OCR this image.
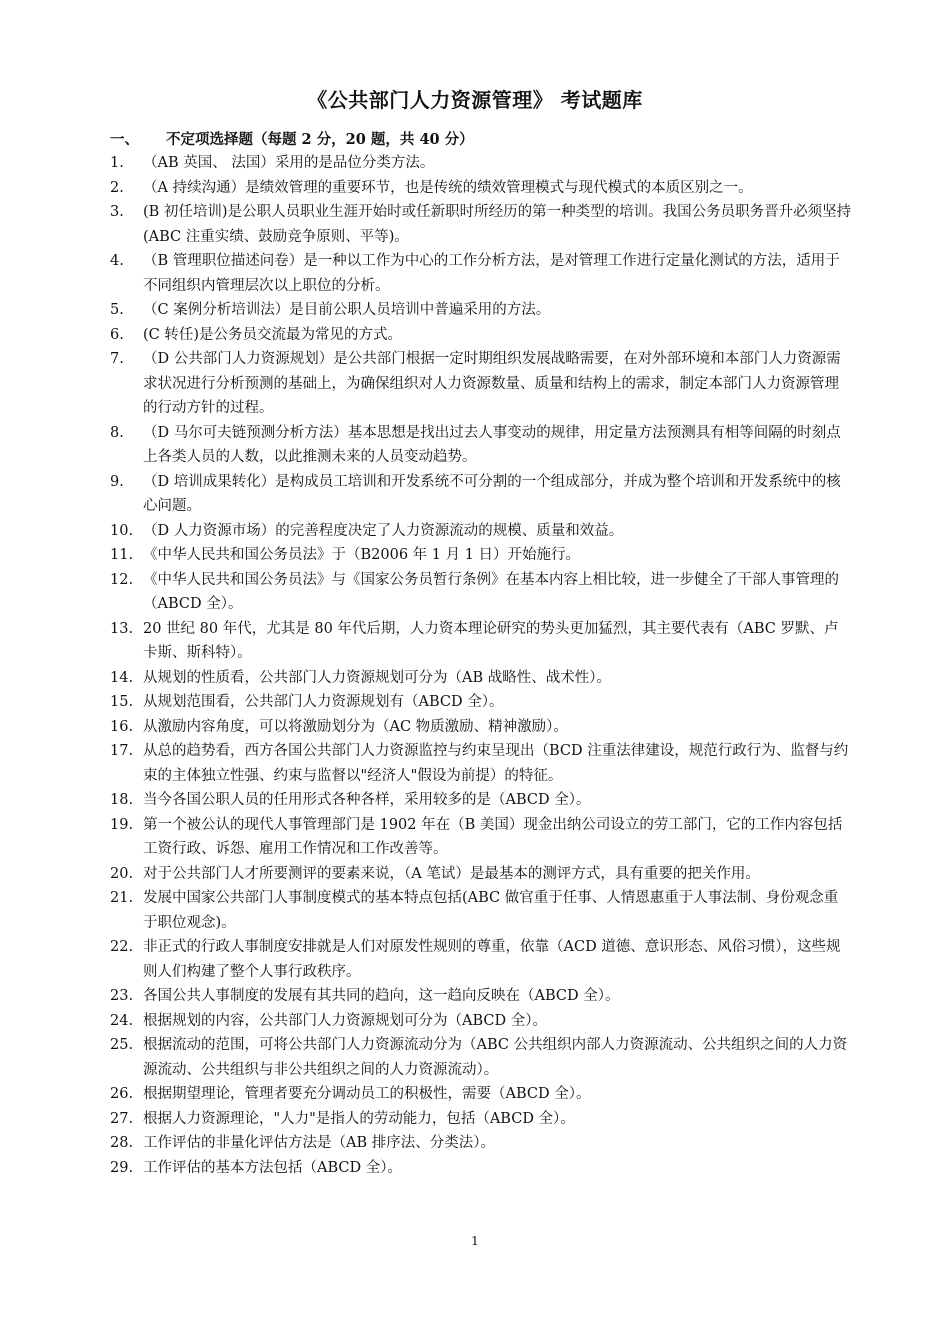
《公共部门人力资源管理》 考试题库
一、 不定项选择题（每题 2 分，20 题，共 40 分）
1.	（AB 英国、 法国）采用的是品位分类方法。
2.	（A 持续沟通）是绩效管理的重要环节，也是传统的绩效管理模式与现代模式的本质区别之一。
3.	(B 初任培训)是公职人员职业生涯开始时或任新职时所经历的第一种类型的培训。我国公务员职务晋升必须坚持(ABC 注重实绩、鼓励竞争原则、平等)。
4.	（B 管理职位描述问卷）是一种以工作为中心的工作分析方法，是对管理工作进行定量化测试的方法，适用于不同组织内管理层次以上职位的分析。
5.	（C 案例分析培训法）是目前公职人员培训中普遍采用的方法。
6.	(C 转任)是公务员交流最为常见的方式。
7.	（D 公共部门人力资源规划）是公共部门根据一定时期组织发展战略需要，在对外部环境和本部门人力资源需求状况进行分析预测的基础上，为确保组织对人力资源数量、质量和结构上的需求，制定本部门人力资源管理的行动方针的过程。
8.	（D 马尔可夫链预测分析方法）基本思想是找出过去人事变动的规律，用定量方法预测具有相等间隔的时刻点上各类人员的人数，以此推测未来的人员变动趋势。
9.	（D 培训成果转化）是构成员工培训和开发系统不可分割的一个组成部分，并成为整个培训和开发系统中的核心问题。
10. （D 人力资源市场）的完善程度决定了人力资源流动的规模、质量和效益。
11. 《中华人民共和国公务员法》于（B2006 年 1 月 1 日）开始施行。
12. 《中华人民共和国公务员法》与《国家公务员暂行条例》在基本内容上相比较，进一步健全了干部人事管理的（ABCD 全）。
13. 20 世纪 80 年代，尤其是 80 年代后期，人力资本理论研究的势头更加猛烈，其主要代表有（ABC 罗默、卢卡斯、斯科特）。
14. 从规划的性质看，公共部门人力资源规划可分为（AB 战略性、战术性）。
15. 从规划范围看，公共部门人力资源规划有（ABCD 全）。
16. 从激励内容角度，可以将激励划分为（AC 物质激励、精神激励）。
17. 从总的趋势看，西方各国公共部门人力资源监控与约束呈现出（BCD 注重法律建设，规范行政行为、监督与约束的主体独立性强、约束与监督以"经济人"假设为前提）的特征。
18. 当今各国公职人员的任用形式各种各样，采用较多的是（ABCD 全）。
19. 第一个被公认的现代人事管理部门是 1902 年在（B 美国）现金出纳公司设立的劳工部门，它的工作内容包括工资行政、诉怨、雇用工作情况和工作改善等。
20. 对于公共部门人才所要测评的要素来说，（A 笔试）是最基本的测评方式，具有重要的把关作用。
21. 发展中国家公共部门人事制度模式的基本特点包括(ABC 做官重于任事、人情恩惠重于人事法制、身份观念重于职位观念)。
22. 非正式的行政人事制度安排就是人们对原发性规则的尊重，依靠（ACD 道德、意识形态、风俗习惯），这些规则人们构建了整个人事行政秩序。
23. 各国公共人事制度的发展有其共同的趋向，这一趋向反映在（ABCD 全）。
24. 根据规划的内容，公共部门人力资源规划可分为（ABCD 全）。
25. 根据流动的范围，可将公共部门人力资源流动分为（ABC 公共组织内部人力资源流动、公共组织之间的人力资源流动、公共组织与非公共组织之间的人力资源流动）。
26. 根据期望理论，管理者要充分调动员工的积极性，需要（ABCD 全）。
27. 根据人力资源理论，"人力"是指人的劳动能力，包括（ABCD 全）。
28. 工作评估的非量化评估方法是（AB 排序法、分类法）。
29. 工作评估的基本方法包括（ABCD 全）。
1
